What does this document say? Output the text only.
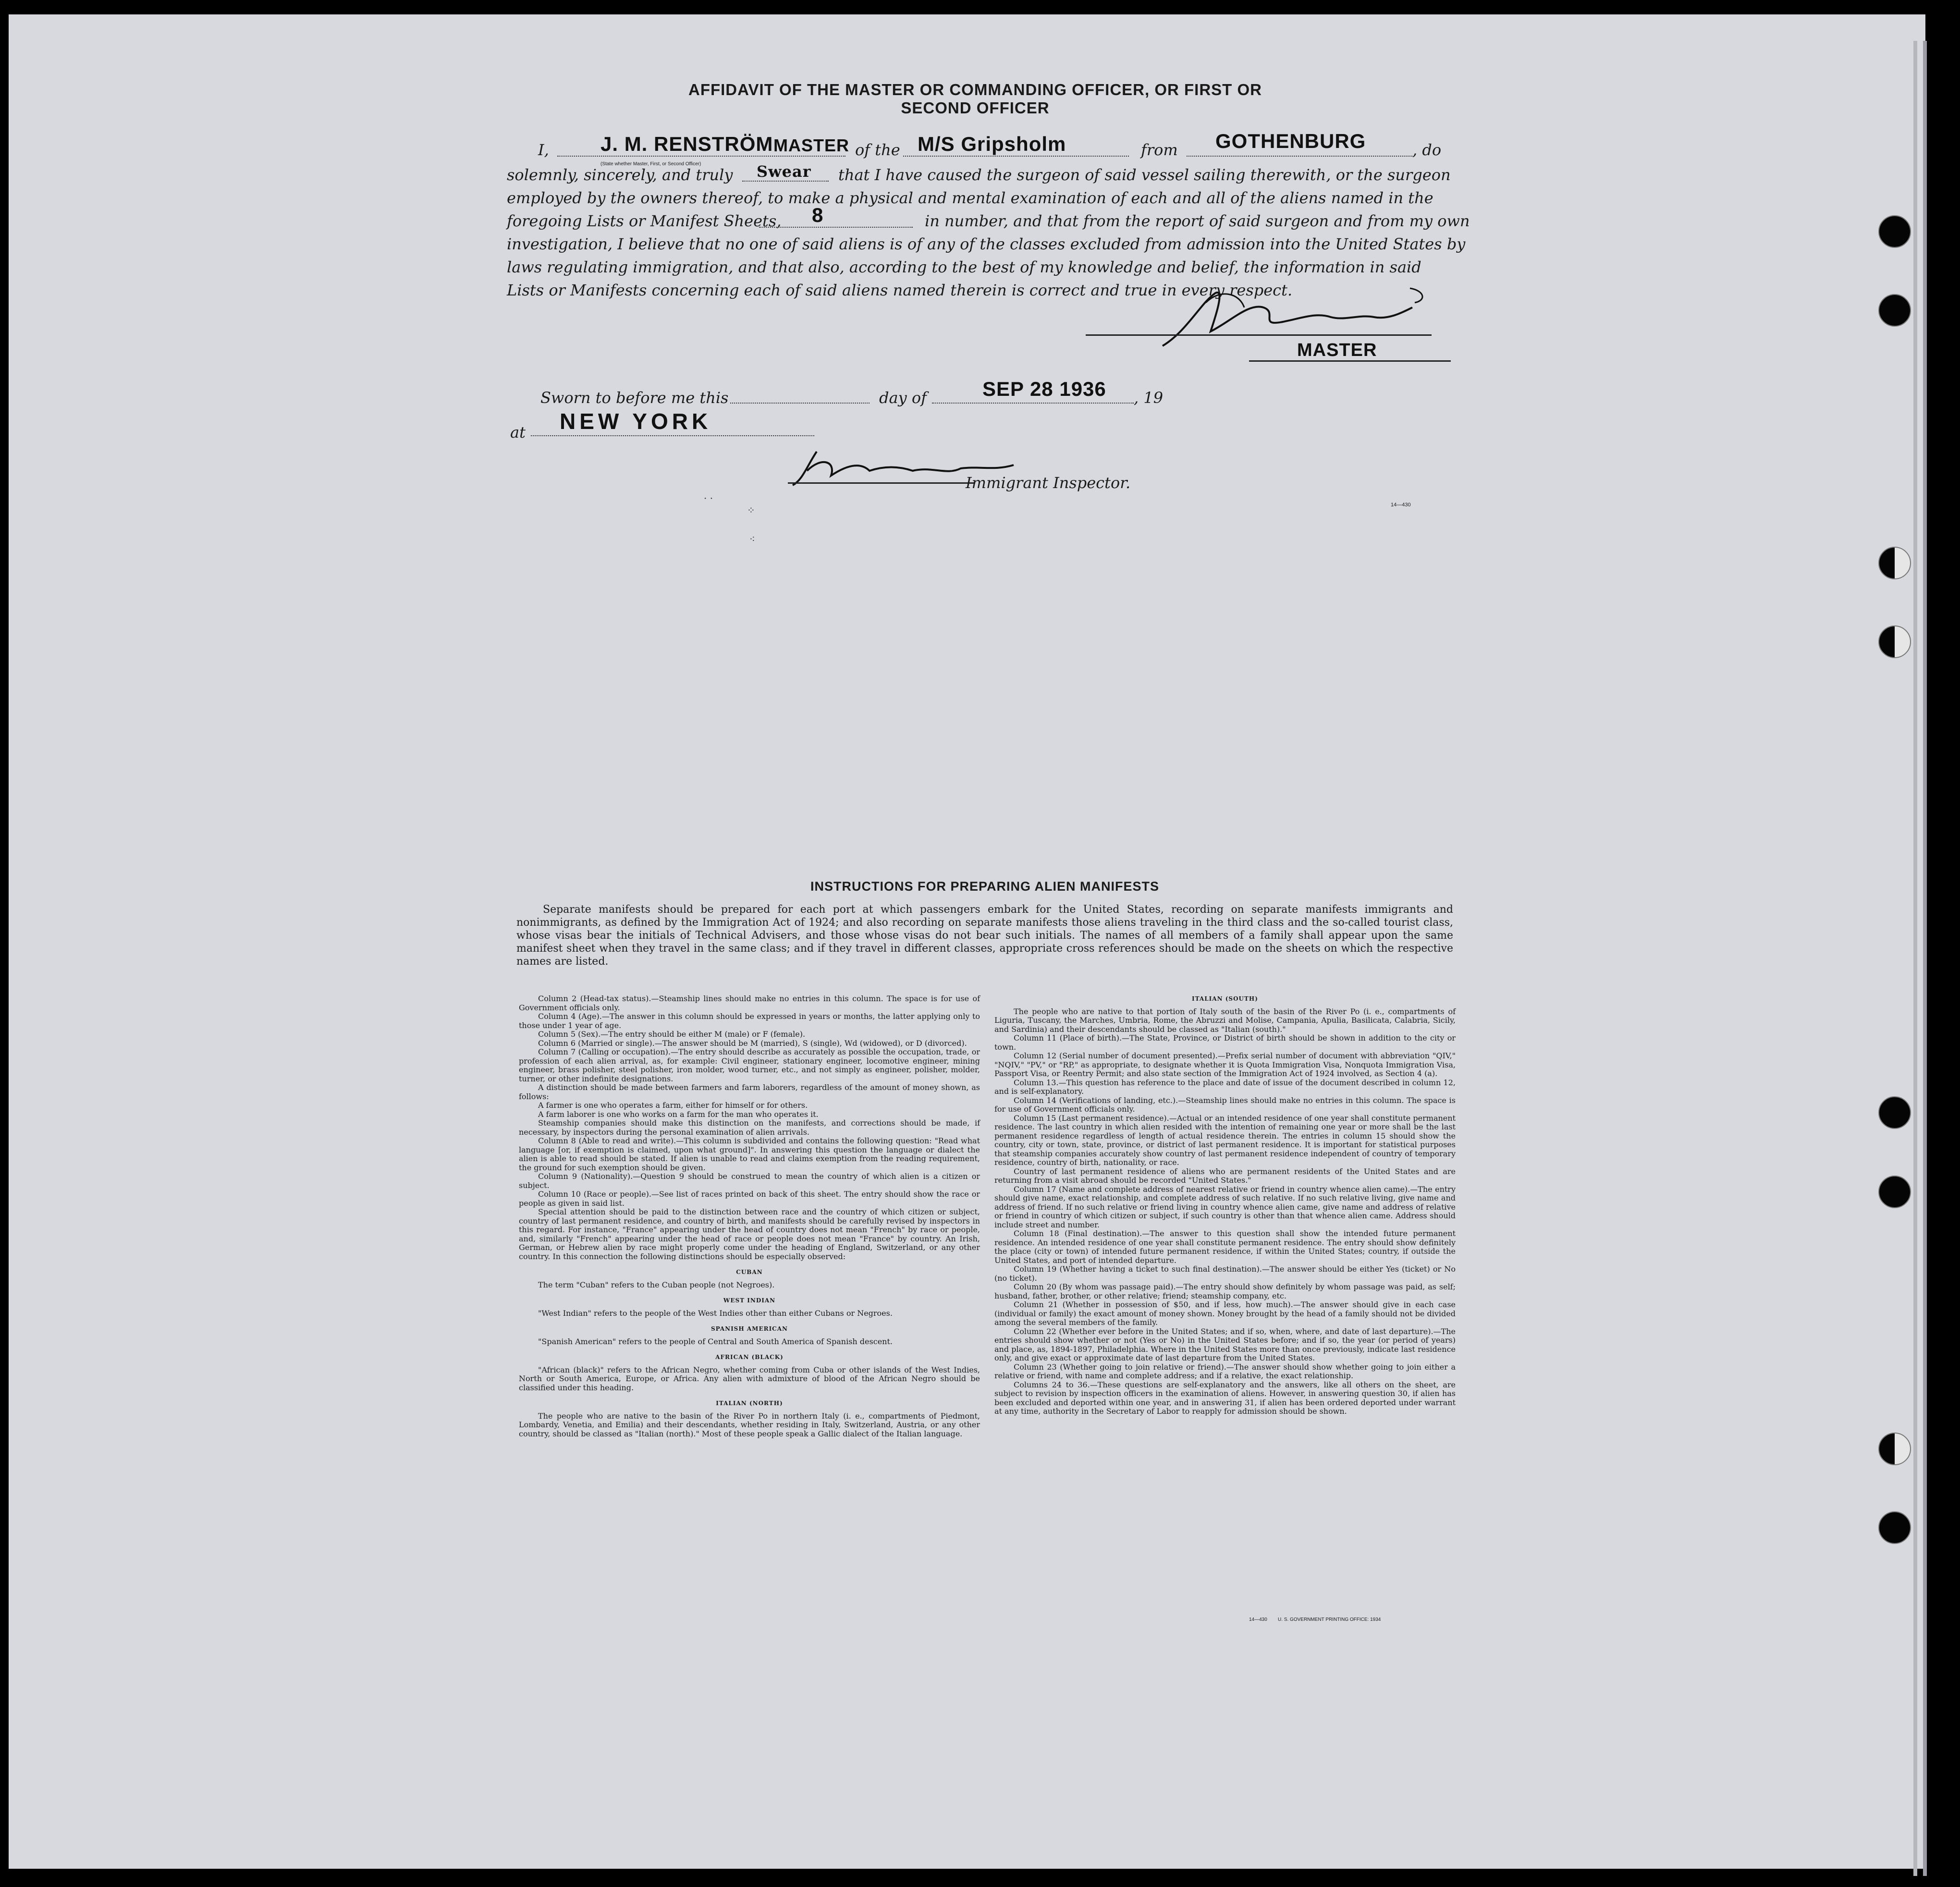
AFFIDAVIT OF THE MASTER OR COMMANDING OFFICER, OR FIRST OR SECOND OFFICER
I,	J. M. RENSTRÖM MASTER
(State whether Master, First, or Second Officer)
of the M/S Gripsholm	from GOTHENBURG	, do
solemnly, sincerely, and truly Swear that I have caused the surgeon of said vessel sailing therewith, or the surgeon
employed by the owners thereof, to make a physical and mental examination of each and all of the aliens named in the
foregoing Lists or Manifest Sheets, 8	in number, and that from the report of said surgeon and from my own
investigation, I believe that no one of said aliens is of any of the classes excluded from admission into the United States by
laws regulating immigration, and that also, according to the best of my knowledge and belief, the information in said
Lists or Manifests concerning each of said aliens named therein is correct and true in every respect.
MASTER
Sworn to before me this	day of	SEP 28 1936 , 19
at NEW YORK
Immigrant Inspector.
14—430
· ·
⁘
⁖
INSTRUCTIONS FOR PREPARING ALIEN MANIFESTS

Separate manifests should be prepared for each port at which passengers embark for the United States, recording on separate manifests immigrants and nonimmigrants, as defined by the Immigration Act of 1924; and also recording on separate manifests those aliens traveling in the third class and the so-called tourist class, whose visas bear the initials of Technical Advisers, and those whose visas do not bear such initials. The names of all members of a family shall appear upon the same manifest sheet when they travel in the same class; and if they travel in different classes, appropriate cross references should be made on the sheets on which the respective names are listed.

Column 2 (Head-tax status).—Steamship lines should make no entries in this column. The space is for use of Government officials only.

Column 4 (Age).—The answer in this column should be expressed in years or months, the latter applying only to those under 1 year of age.

Column 5 (Sex).—The entry should be either M (male) or F (female).

Column 6 (Married or single).—The answer should be M (married), S (single), Wd (widowed), or D (divorced).

Column 7 (Calling or occupation).—The entry should describe as accurately as possible the occupation, trade, or profession of each alien arrival, as, for example: Civil engineer, stationary engineer, locomotive engineer, mining engineer, brass polisher, steel polisher, iron molder, wood turner, etc., and not simply as engineer, polisher, molder, turner, or other indefinite designations.

A distinction should be made between farmers and farm laborers, regardless of the amount of money shown, as follows:

A farmer is one who operates a farm, either for himself or for others.

A farm laborer is one who works on a farm for the man who operates it.

Steamship companies should make this distinction on the manifests, and corrections should be made, if necessary, by inspectors during the personal examination of alien arrivals.

Column 8 (Able to read and write).—This column is subdivided and contains the following question: "Read what language [or, if exemption is claimed, upon what ground]". In answering this question the language or dialect the alien is able to read should be stated. If alien is unable to read and claims exemption from the reading requirement, the ground for such exemption should be given.

Column 9 (Nationality).—Question 9 should be construed to mean the country of which alien is a citizen or subject.

Column 10 (Race or people).—See list of races printed on back of this sheet. The entry should show the race or people as given in said list.

Special attention should be paid to the distinction between race and the country of which citizen or subject, country of last permanent residence, and country of birth, and manifests should be carefully revised by inspectors in this regard. For instance, "France" appearing under the head of country does not mean "French" by race or people, and, similarly "French" appearing under the head of race or people does not mean "France" by country. An Irish, German, or Hebrew alien by race might properly come under the heading of England, Switzerland, or any other country. In this connection the following distinctions should be especially observed:

CUBAN

The term "Cuban" refers to the Cuban people (not Negroes).

WEST INDIAN

"West Indian" refers to the people of the West Indies other than either Cubans or Negroes.

SPANISH AMERICAN

"Spanish American" refers to the people of Central and South America of Spanish descent.

AFRICAN (BLACK)

"African (black)" refers to the African Negro, whether coming from Cuba or other islands of the West Indies, North or South America, Europe, or Africa. Any alien with admixture of blood of the African Negro should be classified under this heading.

ITALIAN (NORTH)

The people who are native to the basin of the River Po in northern Italy (i. e., compartments of Piedmont, Lombardy, Venetia, and Emilia) and their descendants, whether residing in Italy, Switzerland, Austria, or any other country, should be classed as "Italian (north)." Most of these people speak a Gallic dialect of the Italian language.

ITALIAN (SOUTH)

The people who are native to that portion of Italy south of the basin of the River Po (i. e., compartments of Liguria, Tuscany, the Marches, Umbria, Rome, the Abruzzi and Molise, Campania, Apulia, Basilicata, Calabria, Sicily, and Sardinia) and their descendants should be classed as "Italian (south)."

Column 11 (Place of birth).—The State, Province, or District of birth should be shown in addition to the city or town.

Column 12 (Serial number of document presented).—Prefix serial number of document with abbreviation "QIV," "NQIV," "PV," or "RP," as appropriate, to designate whether it is Quota Immigration Visa, Nonquota Immigration Visa, Passport Visa, or Reentry Permit; and also state section of the Immigration Act of 1924 involved, as Section 4 (a).

Column 13.—This question has reference to the place and date of issue of the document described in column 12, and is self-explanatory.

Column 14 (Verifications of landing, etc.).—Steamship lines should make no entries in this column. The space is for use of Government officials only.

Column 15 (Last permanent residence).—Actual or an intended residence of one year shall constitute permanent residence. The last country in which alien resided with the intention of remaining one year or more shall be the last permanent residence regardless of length of actual residence therein. The entries in column 15 should show the country, city or town, state, province, or district of last permanent residence. It is important for statistical purposes that steamship companies accurately show country of last permanent residence independent of country of temporary residence, country of birth, nationality, or race.

Country of last permanent residence of aliens who are permanent residents of the United States and are returning from a visit abroad should be recorded "United States."

Column 17 (Name and complete address of nearest relative or friend in country whence alien came).—The entry should give name, exact relationship, and complete address of such relative. If no such relative living, give name and address of friend. If no such relative or friend living in country whence alien came, give name and address of relative or friend in country of which citizen or subject, if such country is other than that whence alien came. Address should include street and number.

Column 18 (Final destination).—The answer to this question shall show the intended future permanent residence. An intended residence of one year shall constitute permanent residence. The entry should show definitely the place (city or town) of intended future permanent residence, if within the United States; country, if outside the United States, and port of intended departure.

Column 19 (Whether having a ticket to such final destination).—The answer should be either Yes (ticket) or No (no ticket).

Column 20 (By whom was passage paid).—The entry should show definitely by whom passage was paid, as self; husband, father, brother, or other relative; friend; steamship company, etc.

Column 21 (Whether in possession of $50, and if less, how much).—The answer should give in each case (individual or family) the exact amount of money shown. Money brought by the head of a family should not be divided among the several members of the family.

Column 22 (Whether ever before in the United States; and if so, when, where, and date of last departure).—The entries should show whether or not (Yes or No) in the United States before; and if so, the year (or period of years) and place, as, 1894-1897, Philadelphia. Where in the United States more than once previously, indicate last residence only, and give exact or approximate date of last departure from the United States.

Column 23 (Whether going to join relative or friend).—The answer should show whether going to join either a relative or friend, with name and complete address; and if a relative, the exact relationship.

Columns 24 to 36.—These questions are self-explanatory and the answers, like all others on the sheet, are subject to revision by inspection officers in the examination of aliens. However, in answering question 30, if alien has been excluded and deported within one year, and in answering 31, if alien has been ordered deported under warrant at any time, authority in the Secretary of Labor to reapply for admission should be shown.

14—430 U. S. GOVERNMENT PRINTING OFFICE: 1934
